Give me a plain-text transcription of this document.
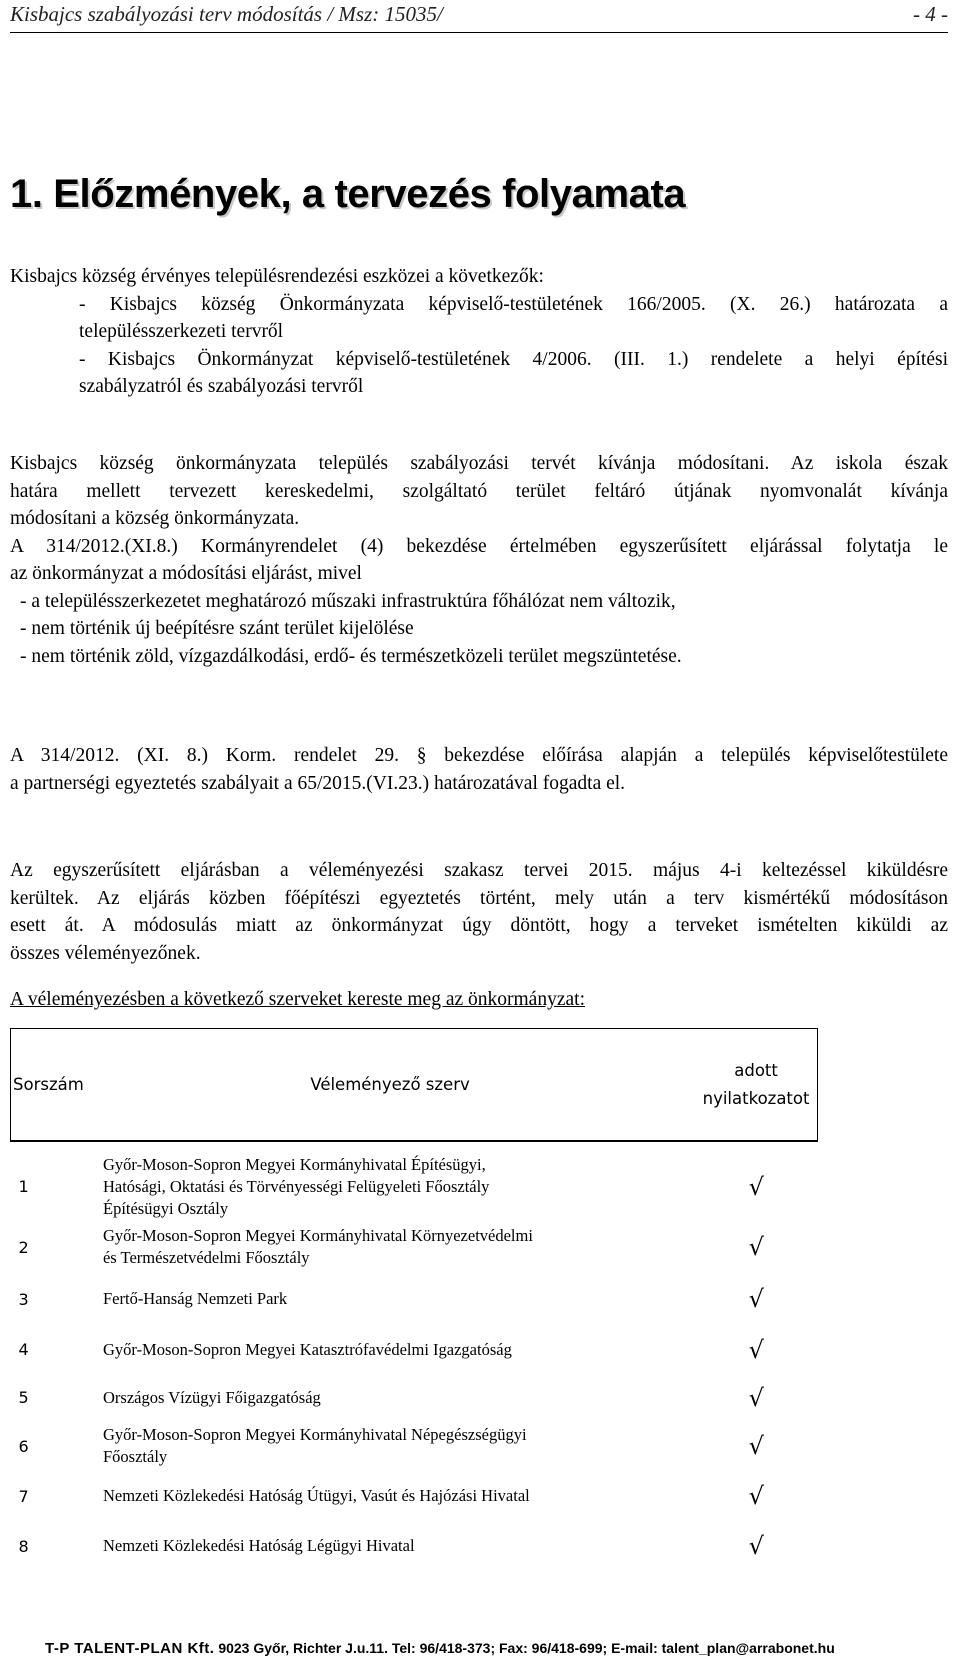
Kisbajcs szabályozási terv módosítás / Msz: 15035/	- 4 -
1. Előzmények, a tervezés folyamata
Kisbajcs község érvényes településrendezési eszközei a következők:
- Kisbajcs község Önkormányzata képviselő-testületének 166/2005. (X. 26.) határozata a
településszerkezeti tervről
- Kisbajcs Önkormányzat képviselő-testületének 4/2006. (III. 1.) rendelete a helyi építési
szabályzatról és szabályozási tervről
Kisbajcs község önkormányzata település szabályozási tervét kívánja módosítani. Az iskola észak
határa mellett tervezett kereskedelmi, szolgáltató terület feltáró útjának nyomvonalát kívánja
módosítani a község önkormányzata.
A 314/2012.(XI.8.) Kormányrendelet (4) bekezdése értelmében egyszerűsített eljárással folytatja le
az önkormányzat a módosítási eljárást, mivel
- a településszerkezetet meghatározó műszaki infrastruktúra főhálózat nem változik,
- nem történik új beépítésre szánt terület kijelölése
- nem történik zöld, vízgazdálkodási, erdő- és természetközeli terület megszüntetése.
A 314/2012. (XI. 8.) Korm. rendelet 29. § bekezdése előírása alapján a település képviselőtestülete
a partnerségi egyeztetés szabályait a 65/2015.(VI.23.) határozatával fogadta el.
Az egyszerűsített eljárásban a véleményezési szakasz tervei 2015. május 4-i keltezéssel kiküldésre
kerültek. Az eljárás közben főépítészi egyeztetés történt, mely után a terv kismértékű módosításon
esett át. A módosulás miatt az önkormányzat úgy döntött, hogy a terveket ismételten kiküldi az
összes véleményezőnek.
A véleményezésben a következő szerveket kereste meg az önkormányzat:
Sorszám	Véleményező szerv	adott
nyilatkozatot
1	Győr-Moson-Sopron Megyei Kormányhivatal Építésügyi,
Hatósági, Oktatási és Törvényességi Felügyeleti Főosztály
Építésügyi Osztály	√
2	Győr-Moson-Sopron Megyei Kormányhivatal Környezetvédelmi
és Természetvédelmi Főosztály	√
3	Fertő-Hanság Nemzeti Park	√
4	Győr-Moson-Sopron Megyei Katasztrófavédelmi Igazgatóság	√
5	Országos Vízügyi Főigazgatóság	√
6	Győr-Moson-Sopron Megyei Kormányhivatal Népegészségügyi
Főosztály	√
7	Nemzeti Közlekedési Hatóság Útügyi, Vasút és Hajózási Hivatal	√
8	Nemzeti Közlekedési Hatóság Légügyi Hivatal	√
T-P TALENT-PLAN Kft. 9023 Győr, Richter J.u.11. Tel: 96/418-373; Fax: 96/418-699; E-mail: talent_plan@arrabonet.hu
